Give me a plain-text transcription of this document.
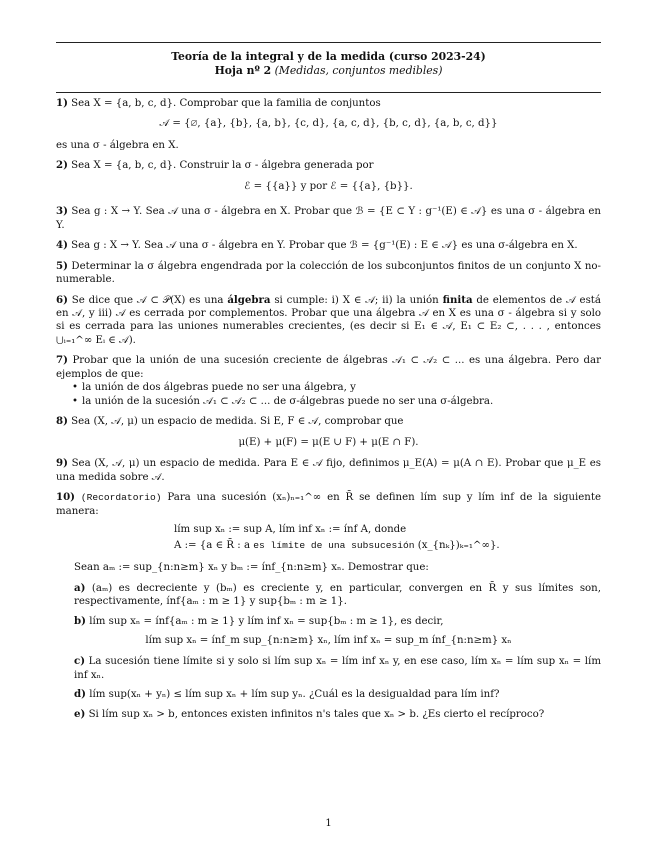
Teoría de la integral y de la medida (curso 2023-24)
Hoja nº 2 (Medidas, conjuntos medibles)

1) Sea X = {a, b, c, d}. Comprobar que la familia de conjuntos

𝒜 = {∅, {a}, {b}, {a, b}, {c, d}, {a, c, d}, {b, c, d}, {a, b, c, d}}

es una σ - álgebra en X.

2) Sea X = {a, b, c, d}. Construir la σ - álgebra generada por

ℰ = {{a}} y por ℰ = {{a}, {b}}.

3) Sea g : X → Y. Sea 𝒜 una σ - álgebra en X. Probar que ℬ = {E ⊂ Y : g⁻¹(E) ∈ 𝒜} es una σ - álgebra en Y.

4) Sea g : X → Y. Sea 𝒜 una σ - álgebra en Y. Probar que ℬ = {g⁻¹(E) : E ∈ 𝒜} es una σ-álgebra en X.

5) Determinar la σ álgebra engendrada por la colección de los subconjuntos finitos de un conjunto X no-numerable.

6) Se dice que 𝒜 ⊂ 𝒫(X) es una álgebra si cumple: i) X ∈ 𝒜; ii) la unión finita de elementos de 𝒜 está en 𝒜, y iii) 𝒜 es cerrada por complementos. Probar que una álgebra 𝒜 en X es una σ - álgebra si y solo si es cerrada para las uniones numerables crecientes, (es decir si E₁ ∈ 𝒜, E₁ ⊂ E₂ ⊂, . . . , entonces ⋃ᵢ₌₁^∞ Eᵢ ∈ 𝒜).

7) Probar que la unión de una sucesión creciente de álgebras 𝒜₁ ⊂ 𝒜₂ ⊂ ... es una álgebra. Pero dar ejemplos de que:

• la unión de dos álgebras puede no ser una álgebra, y
• la unión de la sucesión 𝒜₁ ⊂ 𝒜₂ ⊂ ... de σ-álgebras puede no ser una σ-álgebra.

8) Sea (X, 𝒜, μ) un espacio de medida. Si E, F ∈ 𝒜, comprobar que

μ(E) + μ(F) = μ(E ∪ F) + μ(E ∩ F).

9) Sea (X, 𝒜, μ) un espacio de medida. Para E ∈ 𝒜 fijo, definimos μ_E(A) = μ(A ∩ E). Probar que μ_E es una medida sobre 𝒜.

10) (Recordatorio) Para una sucesión (xₙ)ₙ₌₁^∞ en R̄ se definen lím sup y lím inf de la siguiente manera:

lím sup xₙ := sup A, lím inf xₙ := ínf A, donde
A := {a ∈ R̄ : a es límite de una subsucesión (x_{nₖ})ₖ₌₁^∞}.

Sean aₘ := sup_{n:n≥m} xₙ y bₘ := ínf_{n:n≥m} xₙ. Demostrar que:

a) (aₘ) es decreciente y (bₘ) es creciente y, en particular, convergen en R̄ y sus límites son, respectivamente, ínf{aₘ : m ≥ 1} y sup{bₘ : m ≥ 1}.

b) lím sup xₙ = ínf{aₘ : m ≥ 1} y lím inf xₙ = sup{bₘ : m ≥ 1}, es decir,

lím sup xₙ = ínf_m sup_{n:n≥m} xₙ, lím inf xₙ = sup_m ínf_{n:n≥m} xₙ

c) La sucesión tiene límite si y solo si lím sup xₙ = lím inf xₙ y, en ese caso, lím xₙ = lím sup xₙ = lím inf xₙ.

d) lím sup(xₙ + yₙ) ≤ lím sup xₙ + lím sup yₙ. ¿Cuál es la desigualdad para lím inf?

e) Si lím sup xₙ > b, entonces existen infinitos n's tales que xₙ > b. ¿Es cierto el recíproco?

1
